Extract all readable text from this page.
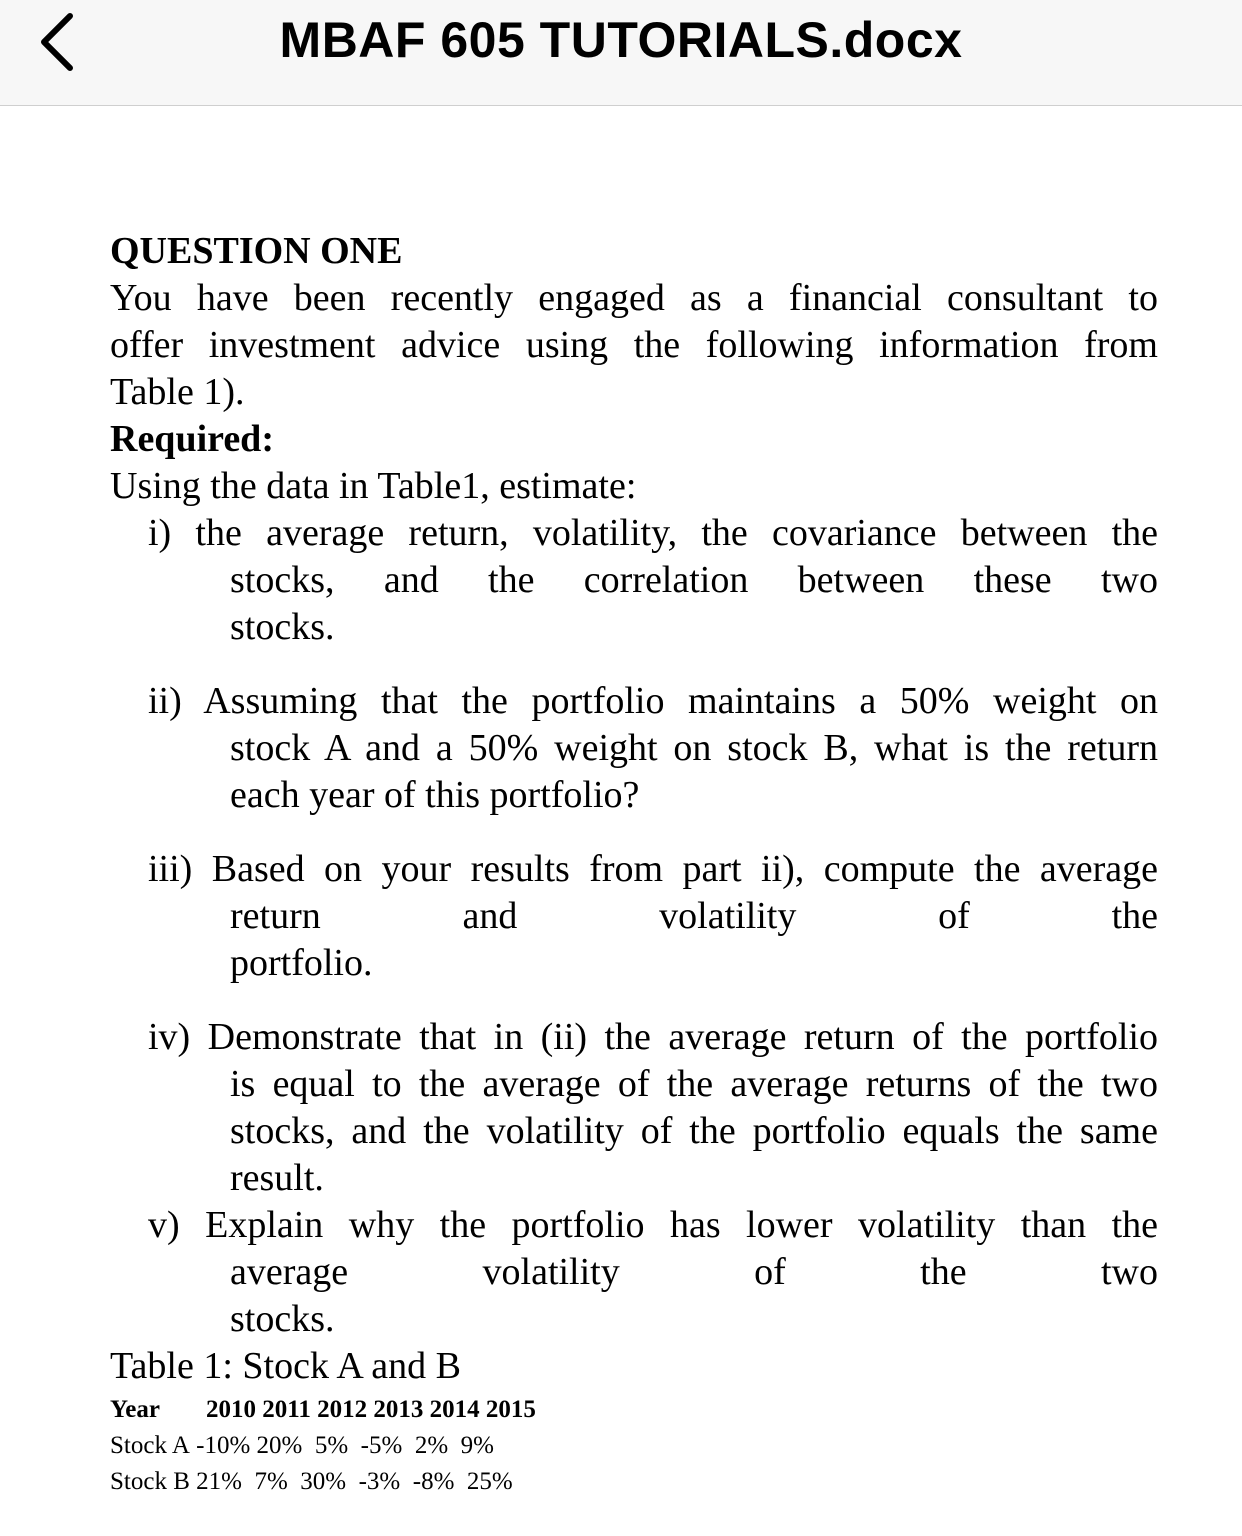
MBAF 605 TUTORIALS.docx
QUESTION ONE
You have been recently engaged as a financial consultant to
offer investment advice using the following information from
Table 1).
Required:
Using the data in Table1, estimate:
i) the average return, volatility, the covariance between the
stocks, and the correlation between these two
stocks.
ii) Assuming that the portfolio maintains a 50% weight on
stock A and a 50% weight on stock B, what is the return
each year of this portfolio?
iii) Based on your results from part ii), compute the average
return and volatility of the
portfolio.
iv) Demonstrate that in (ii) the average return of the portfolio
is equal to the average of the average returns of the two
stocks, and the volatility of the portfolio equals the same
result.
v) Explain why the portfolio has lower volatility than the
average volatility of the two
stocks.
Table 1: Stock A and B
Year 2010 2011 2012 2013 2014 2015
Stock A -10% 20%  5%  -5%  2%  9%
Stock B 21%  7%  30%  -3%  -8%  25%
